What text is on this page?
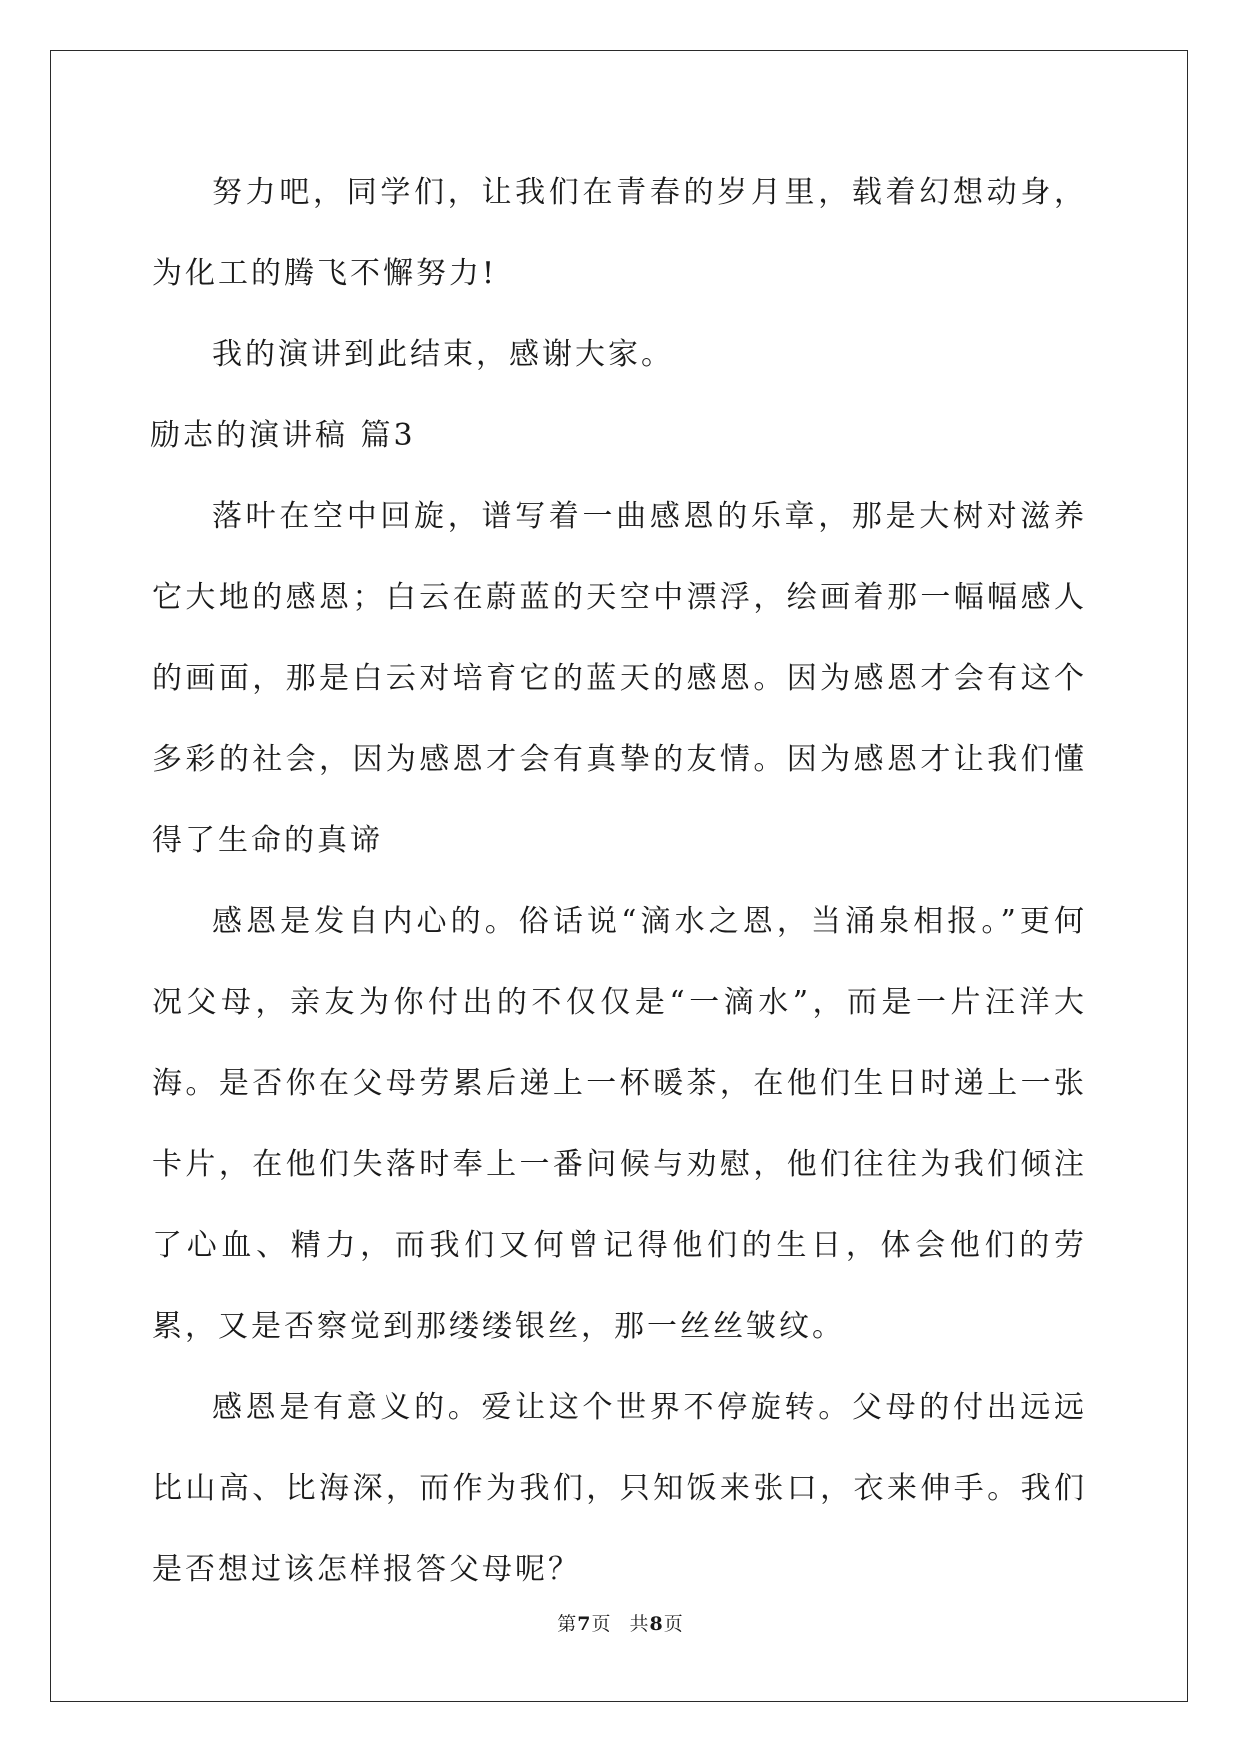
努力吧，同学们，让我们在青春的岁月里，载着幻想动身，为化工的腾飞不懈努力!

我的演讲到此结束，感谢大家。

励志的演讲稿 篇3

落叶在空中回旋，谱写着一曲感恩的乐章，那是大树对滋养它大地的感恩；白云在蔚蓝的天空中漂浮，绘画着那一幅幅感人的画面，那是白云对培育它的蓝天的感恩。因为感恩才会有这个多彩的社会，因为感恩才会有真挚的友情。因为感恩才让我们懂得了生命的真谛

感恩是发自内心的。俗话说“滴水之恩，当涌泉相报。”更何况父母，亲友为你付出的不仅仅是“一滴水”，而是一片汪洋大海。是否你在父母劳累后递上一杯暖茶，在他们生日时递上一张卡片，在他们失落时奉上一番问候与劝慰，他们往往为我们倾注了心血、精力，而我们又何曾记得他们的生日，体会他们的劳累，又是否察觉到那缕缕银丝，那一丝丝皱纹。

感恩是有意义的。爱让这个世界不停旋转。父母的付出远远比山高、比海深，而作为我们，只知饭来张口，衣来伸手。我们是否想过该怎样报答父母呢？

第7页 共8页
